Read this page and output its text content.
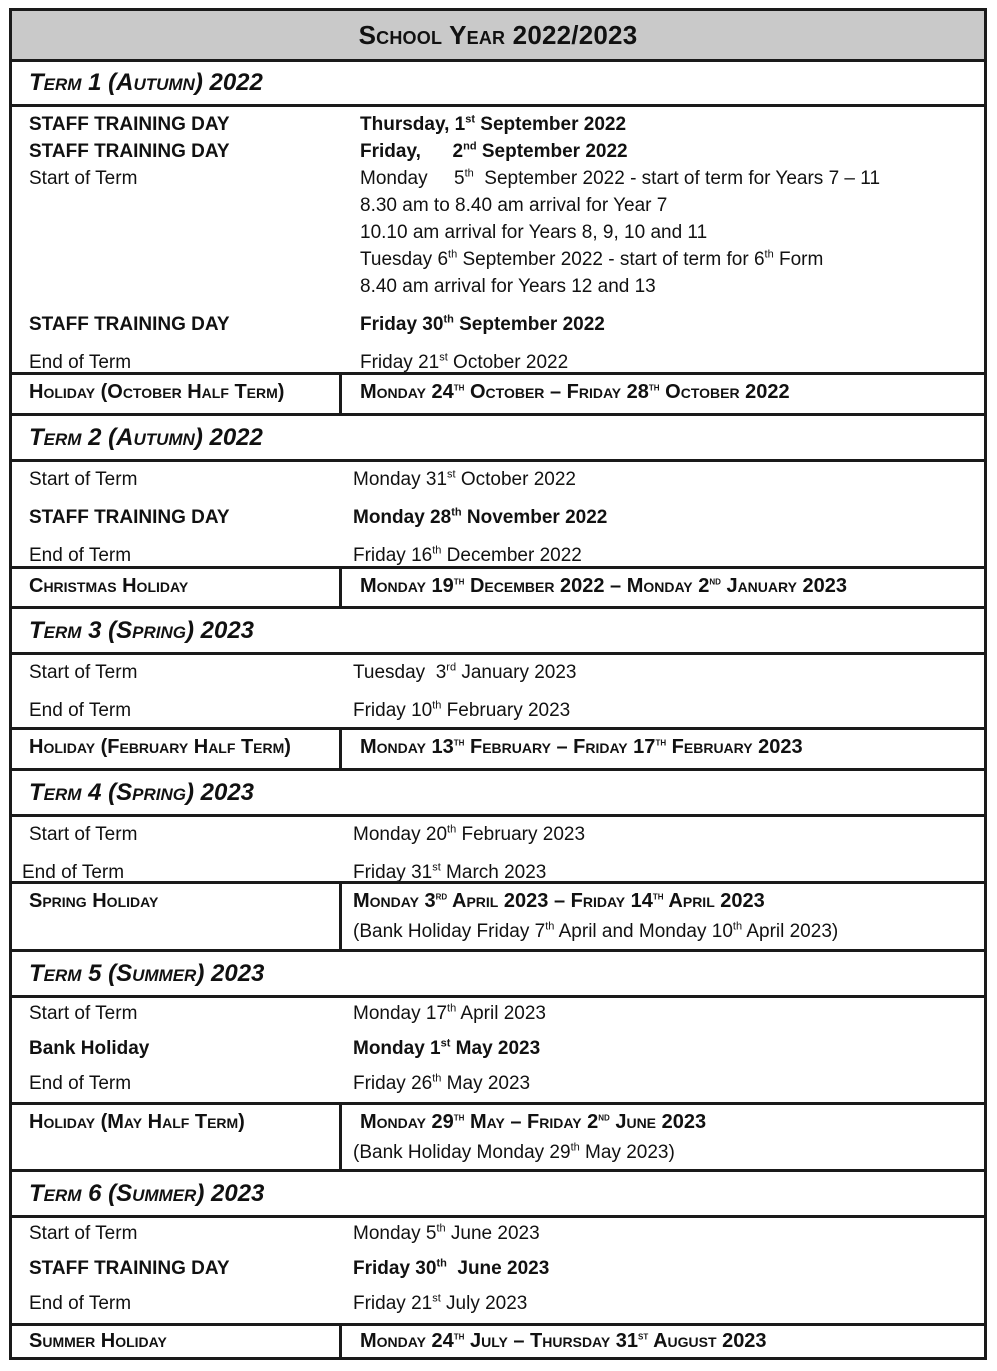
School Year 2022/2023
Term 1 (Autumn) 2022
STAFF TRAINING DAY	Thursday, 1st September 2022
STAFF TRAINING DAY	Friday,      2nd September 2022
Start of Term	Monday     5th  September 2022 - start of term for Years 7 – 11
8.30 am to 8.40 am arrival for Year 7
10.10 am arrival for Years 8, 9, 10 and 11
Tuesday 6th September 2022 - start of term for 6th Form
8.40 am arrival for Years 12 and 13
STAFF TRAINING DAY	Friday 30th September 2022
End of Term	Friday 21st October 2022
Holiday (October Half Term)	Monday 24th October – Friday 28th October 2022
Term 2 (Autumn) 2022
Start of Term	Monday 31st October 2022
STAFF TRAINING DAY	Monday 28th November 2022
End of Term	Friday 16th December 2022
Christmas Holiday	Monday 19th December 2022 – Monday 2nd January 2023
Term 3 (Spring) 2023
Start of Term	Tuesday  3rd January 2023
End of Term	Friday 10th February 2023
Holiday (February Half Term)	Monday 13th February – Friday 17th February 2023
Term 4 (Spring) 2023
Start of Term	Monday 20th February 2023
End of Term	Friday 31st March 2023
Spring Holiday	Monday 3rd April 2023 – Friday 14th April 2023
(Bank Holiday Friday 7th April and Monday 10th April 2023)
Term 5 (Summer) 2023
Start of Term	Monday 17th April 2023
Bank Holiday	Monday 1st May 2023
End of Term	Friday 26th May 2023
Holiday (May Half Term)	Monday 29th May – Friday 2nd June 2023
(Bank Holiday Monday 29th May 2023)
Term 6 (Summer) 2023
Start of Term	Monday 5th June 2023
STAFF TRAINING DAY	Friday 30th  June 2023
End of Term	Friday 21st July 2023
Summer Holiday	Monday 24th July – Thursday 31st August 2023
